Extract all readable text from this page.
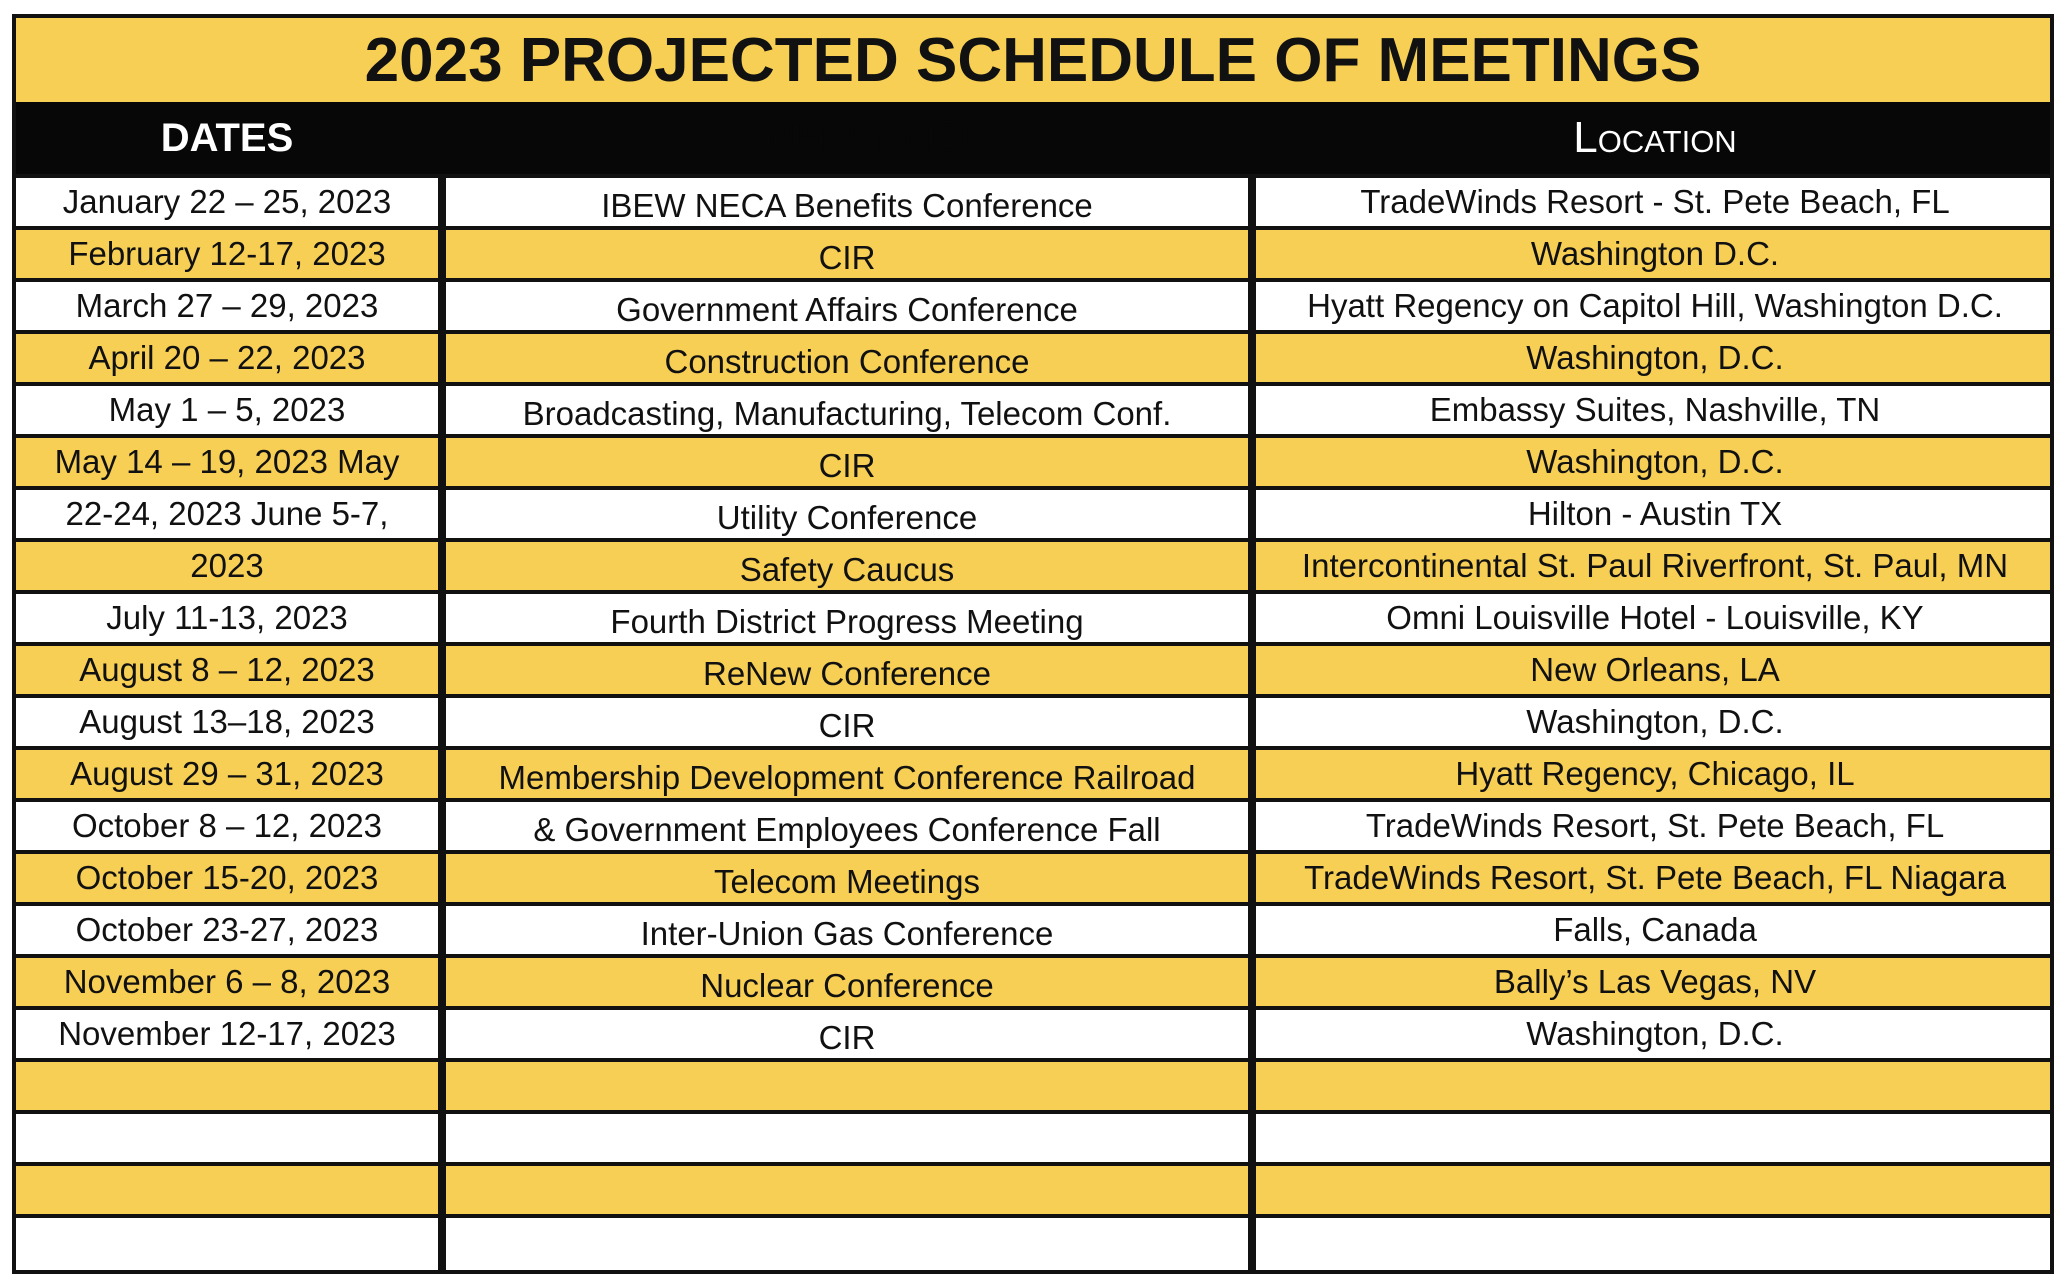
2023 PROJECTED SCHEDULE OF MEETINGS
DATES	CONFERENCE	Location
January 22 – 25, 2023	IBEW NECA Benefits Conference	TradeWinds Resort - St. Pete Beach, FL
February 12-17, 2023	CIR	Washington D.C.
March 27 – 29, 2023	Government Affairs Conference	Hyatt Regency on Capitol Hill, Washington D.C.
April 20 – 22, 2023	Construction Conference	Washington, D.C.
May 1 – 5, 2023	Broadcasting, Manufacturing, Telecom Conf.	Embassy Suites, Nashville, TN
May 14 – 19, 2023 May	CIR	Washington, D.C.
22-24, 2023 June 5-7,	Utility Conference	Hilton - Austin TX
2023	Safety Caucus	Intercontinental St. Paul Riverfront, St. Paul, MN
July 11-13, 2023	Fourth District Progress Meeting	Omni Louisville Hotel - Louisville, KY
August 8 – 12, 2023	ReNew Conference	New Orleans, LA
August 13–18, 2023	CIR	Washington, D.C.
August 29 – 31, 2023	Membership Development Conference Railroad	Hyatt Regency, Chicago, IL
October 8 – 12, 2023	& Government Employees Conference Fall	TradeWinds Resort, St. Pete Beach, FL
October 15-20, 2023	Telecom Meetings	TradeWinds Resort, St. Pete Beach, FL Niagara
October 23-27, 2023	Inter-Union Gas Conference	Falls, Canada
November 6 – 8, 2023	Nuclear Conference	Bally’s Las Vegas, NV
November 12-17, 2023	CIR	Washington, D.C.
